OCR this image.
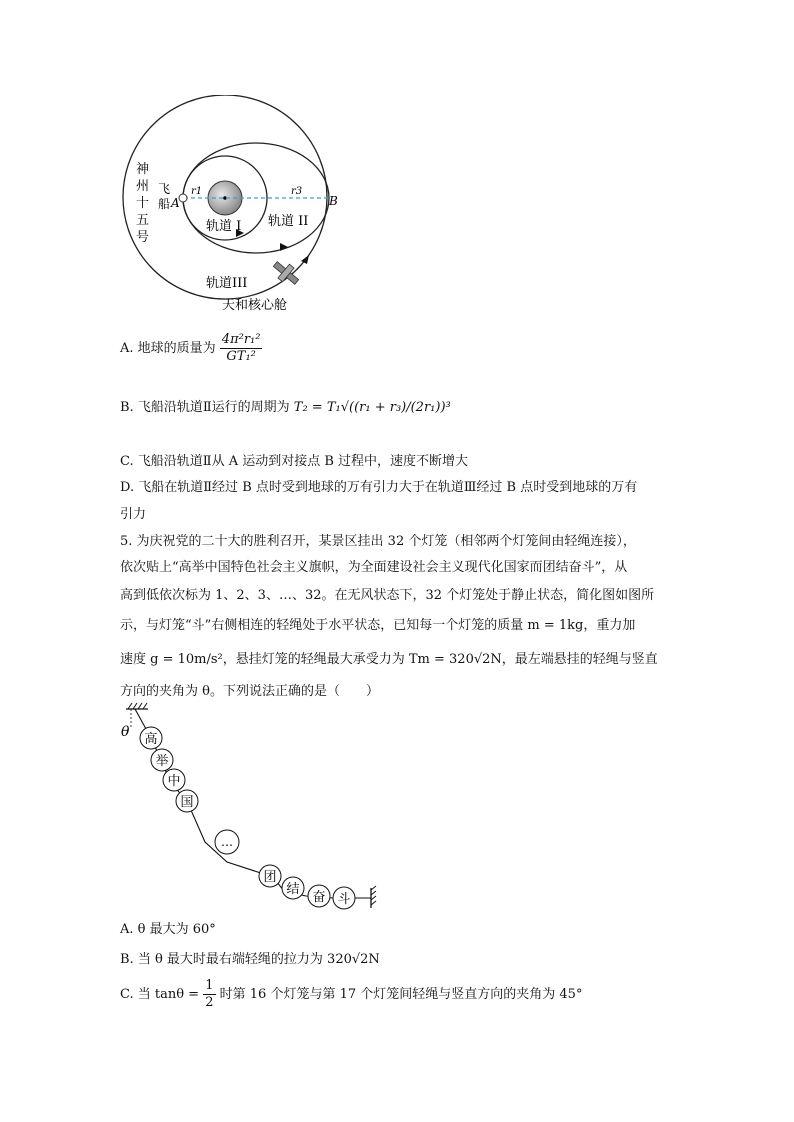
神
州
十
五
号
飞
船 A	B
r1	r3
轨道 I 轨道 II
轨道III
天和核心舱
A. 地球的质量为 $\frac{\text{4π²r₁²}}{\text{GT₁²}}$
B. 飞船沿轨道Ⅱ运行的周期为 T₂ = T₁√((r₁ + r₃)/(2r₁))³
C. 飞船沿轨道Ⅱ从 A 运动到对接点 B 过程中，速度不断增大
D. 飞船在轨道Ⅱ经过 B 点时受到地球的万有引力大于在轨道Ⅲ经过 B 点时受到地球的万有
引力
5. 为庆祝党的二十大的胜利召开，某景区挂出 32 个灯笼（相邻两个灯笼间由轻绳连接），
依次贴上“高举中国特色社会主义旗帜，为全面建设社会主义现代化国家而团结奋斗”，从
高到低依次标为 1、2、3、…、32。在无风状态下，32 个灯笼处于静止状态，简化图如图所
示，与灯笼“斗”右侧相连的轻绳处于水平状态，已知每一个灯笼的质量 m = 1kg，重力加
速度 g = 10m/s²，悬挂灯笼的轻绳最大承受力为 Tm = 320√2N，最左端悬挂的轻绳与竖直
方向的夹角为 θ。下列说法正确的是（　　）
θ 高
举
中
国
…
团
结
奋 斗
A. θ 最大为 60°
B. 当 θ 最大时最右端轻绳的拉力为 320√2N
C. 当 $\tan\theta = \frac{1}{2}$ 时第 16 个灯笼与第 17 个灯笼间轻绳与竖直方向的夹角为 45°
